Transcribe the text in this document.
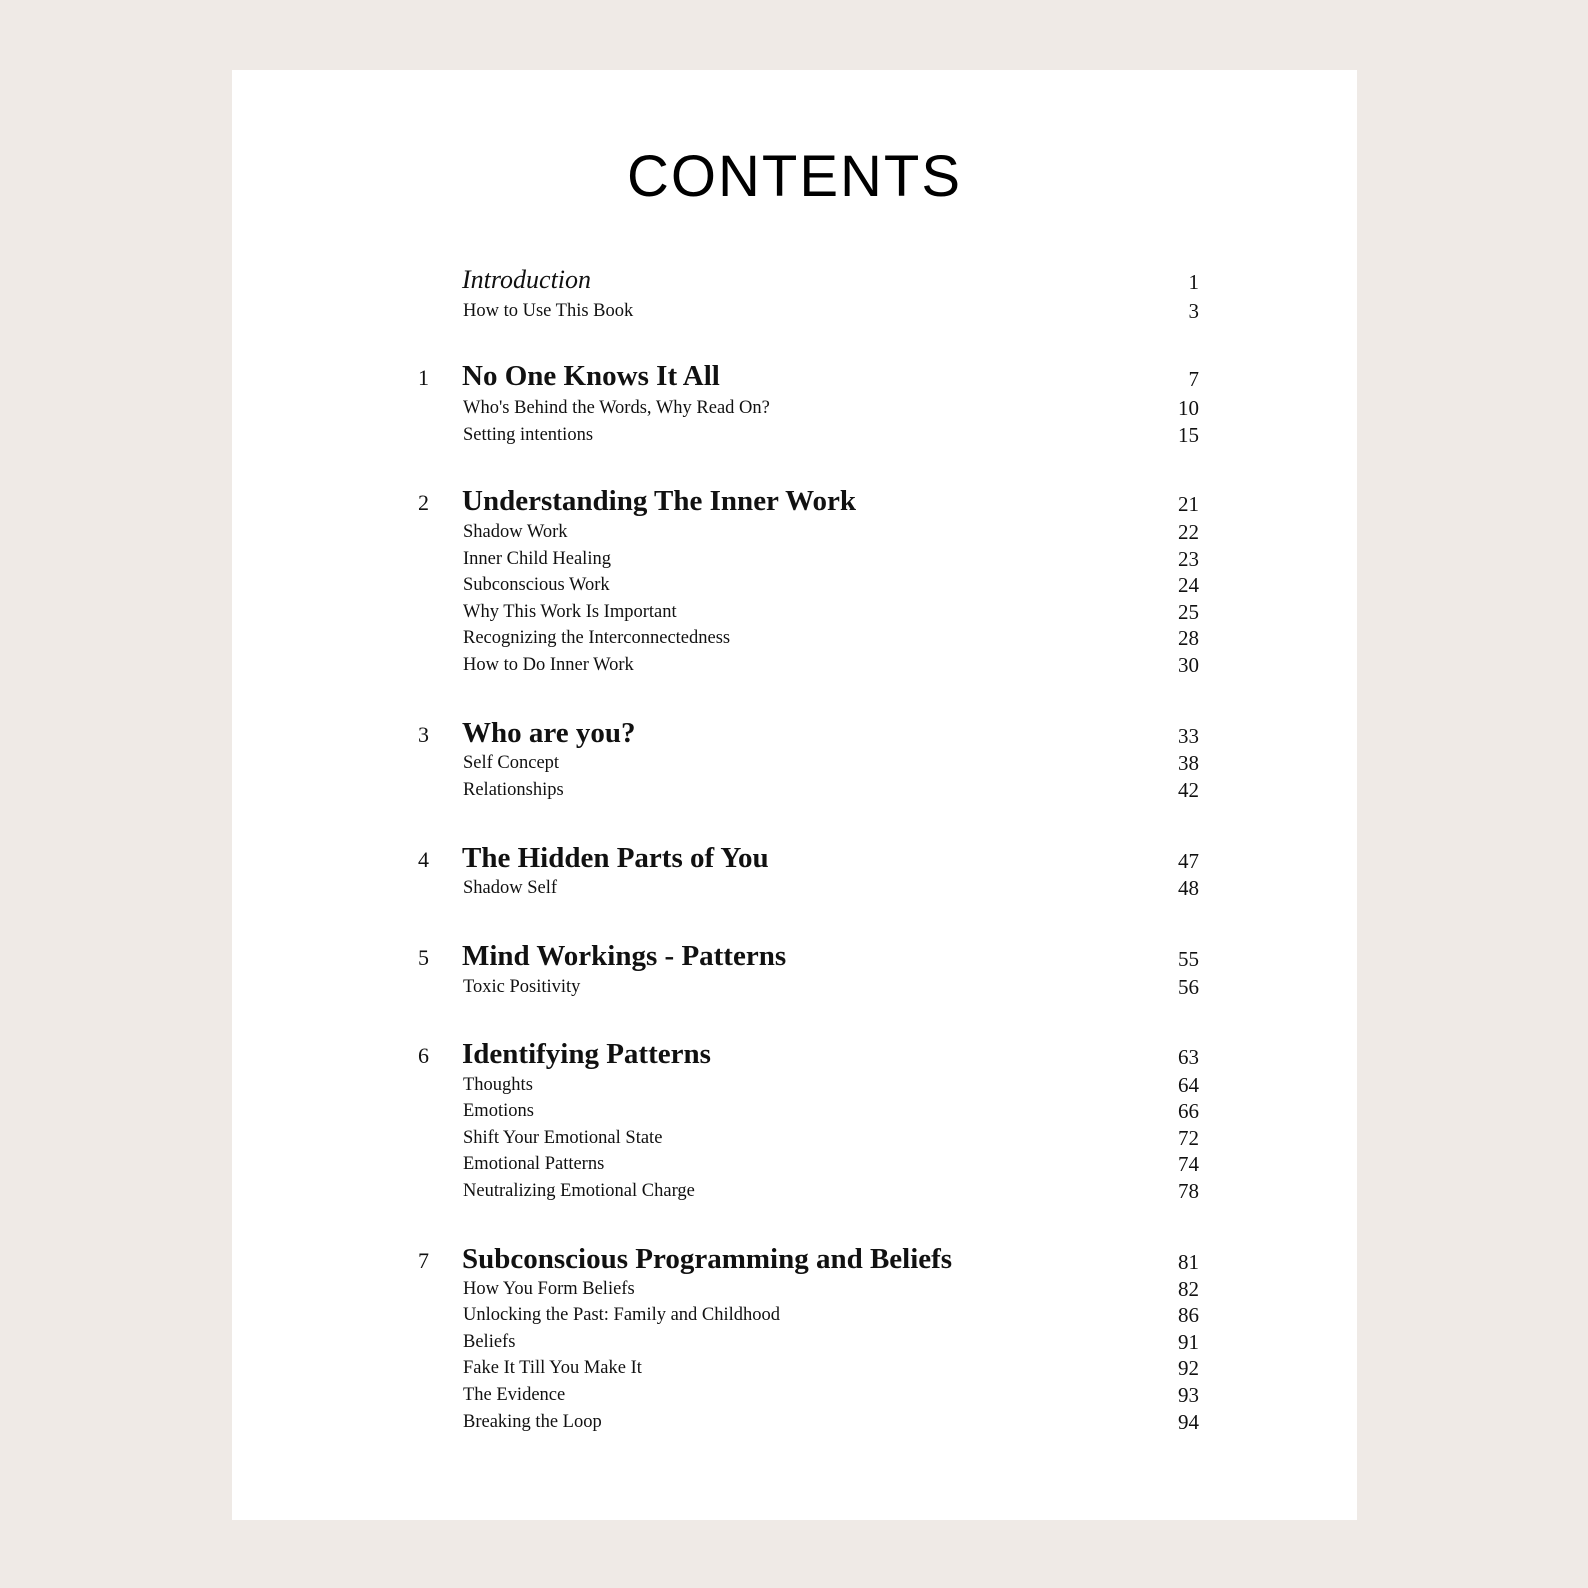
CONTENTS
Introduction	1
How to Use This Book	3
1	No One Knows It All	7
Who's Behind the Words, Why Read On?	10
Setting intentions	15
2	Understanding The Inner Work	21
Shadow Work	22
Inner Child Healing	23
Subconscious Work	24
Why This Work Is Important	25
Recognizing the Interconnectedness	28
How to Do Inner Work	30
3	Who are you?	33
Self Concept	38
Relationships	42
4	The Hidden Parts of You	47
Shadow Self	48
5	Mind Workings - Patterns	55
Toxic Positivity	56
6	Identifying Patterns	63
Thoughts	64
Emotions	66
Shift Your Emotional State	72
Emotional Patterns	74
Neutralizing Emotional Charge	78
7	Subconscious Programming and Beliefs	81
How You Form Beliefs	82
Unlocking the Past: Family and Childhood	86
Beliefs	91
Fake It Till You Make It	92
The Evidence	93
Breaking the Loop	94
